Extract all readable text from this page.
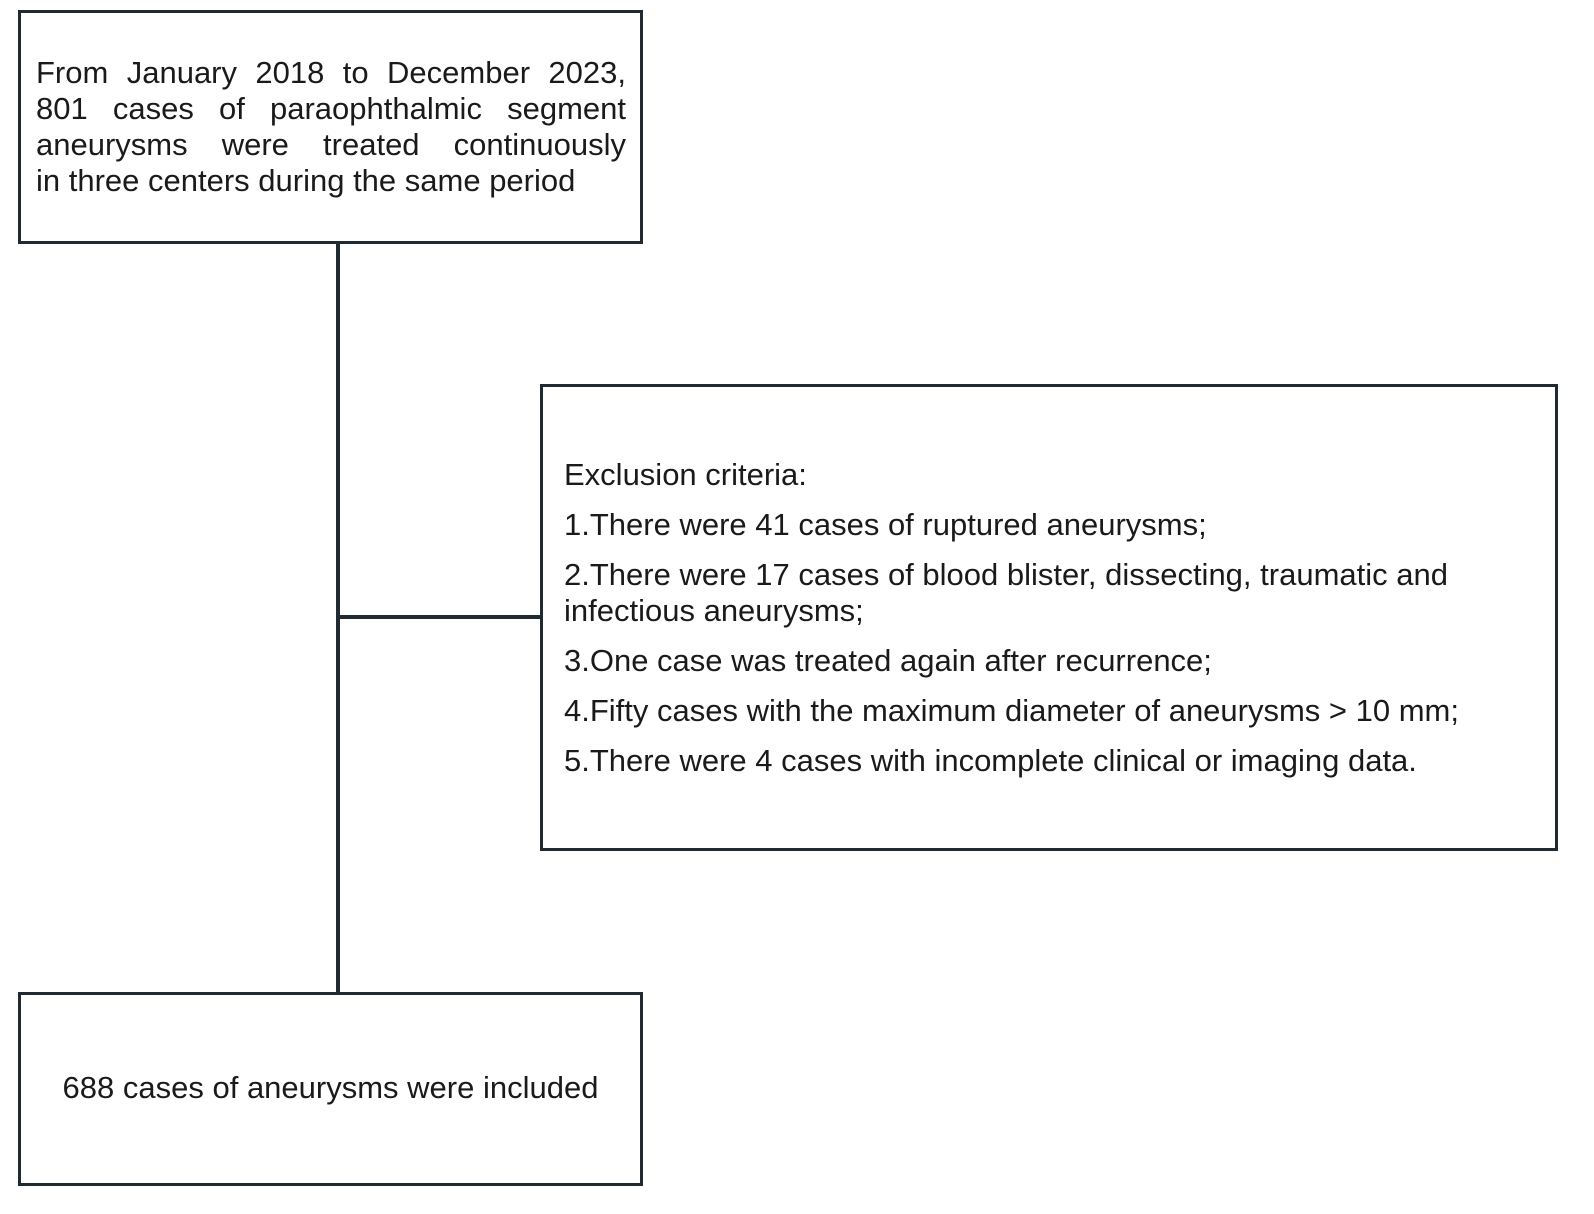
From January 2018 to December 2023, 801 cases of paraophthalmic segment aneurysms were treated continuously
in three centers during the same period
Exclusion criteria:
1.There were 41 cases of ruptured aneurysms;
2.There were 17 cases of blood blister, dissecting, traumatic and infectious aneurysms;
3.One case was treated again after recurrence;
4.Fifty cases with the maximum diameter of aneurysms > 10 mm;
5.There were 4 cases with incomplete clinical or imaging data.
688 cases of aneurysms were included
